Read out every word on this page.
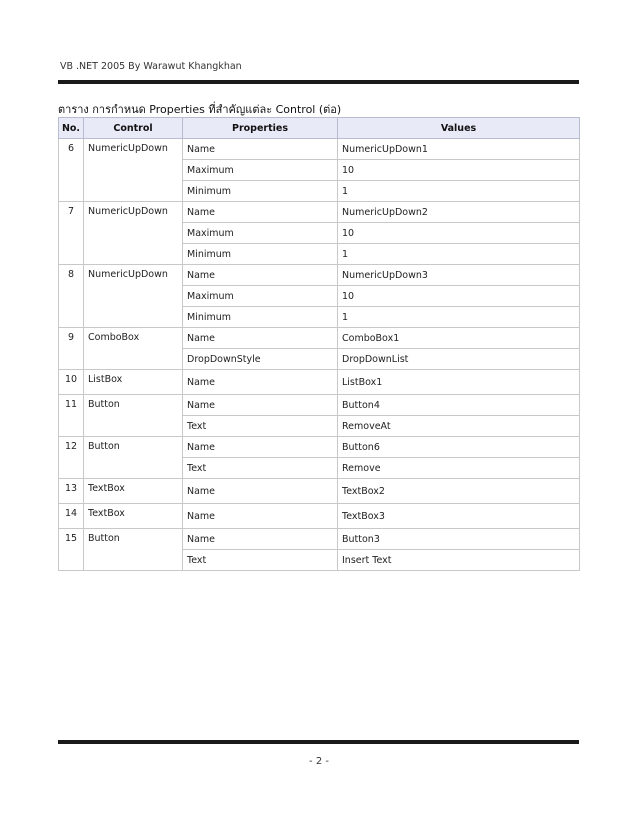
VB .NET 2005 By Warawut Khangkhan
ตาราง การกำหนด Properties ที่สำคัญแต่ละ Control (ต่อ)
No.	Control	Properties	Values
6	NumericUpDown	Name	NumericUpDown1
		Maximum	10
		Minimum	1
7	NumericUpDown	Name	NumericUpDown2
		Maximum	10
		Minimum	1
8	NumericUpDown	Name	NumericUpDown3
		Maximum	10
		Minimum	1
9	ComboBox	Name	ComboBox1
		DropDownStyle	DropDownList
10	ListBox	Name	ListBox1
11	Button	Name	Button4
		Text	RemoveAt
12	Button	Name	Button6
		Text	Remove
13	TextBox	Name	TextBox2
14	TextBox	Name	TextBox3
15	Button	Name	Button3
		Text	Insert Text
- 2 -
